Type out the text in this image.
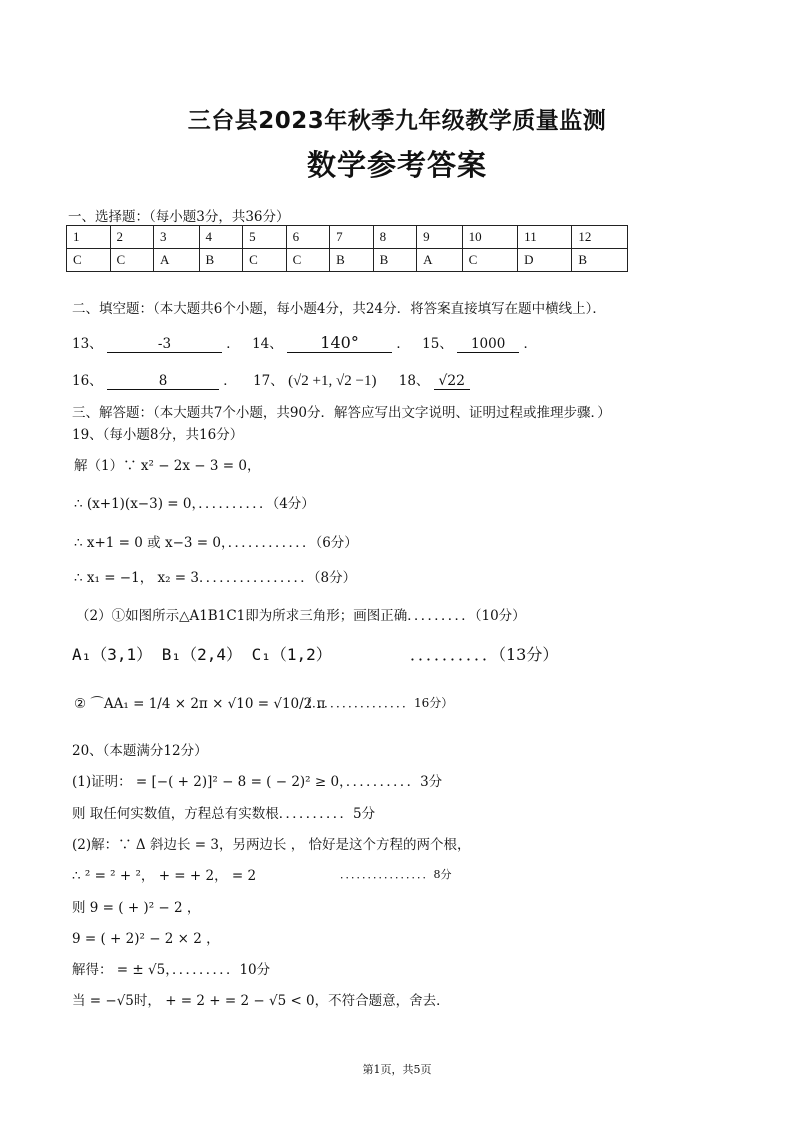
三台县2023年秋季九年级教学质量监测
数学参考答案
一、选择题：（每小题3分，共36分）
1	2	3	4	5	6	7	8	9	10	11	12
C	C	A	B	C	C	B	B	A	C	D	B
二、填空题：（本大题共6个小题，每小题4分，共24分．将答案直接填写在题中横线上）．
13、	-3	． 14、 140°	． 15、 1000 ．
16、	8	． 17、 (√2 +1, √2 −1) 18、 √22
三、解答题：（本大题共7个小题，共90分．解答应写出文字说明、证明过程或推理步骤．）
19、（每小题8分，共16分）
解（1）∵ x² − 2x − 3 = 0，
∴ (x+1)(x−3) = 0，．．．．．．．．．．（4分）
∴ x+1 = 0 或 x−3 = 0，．．．．．．．．．．．．（6分）
∴ x₁ = −1， x₂ = 3．．．．．．．．．．．．．．．．（8分）
（2）①如图所示△A1B1C1即为所求三角形；画图正确．．．．．．．．．（10分）
A₁（3,1） B₁（2,4） C₁（1,2）	．．．．．．．．．．（13分）
② ⌒AA₁ = 1/4 × 2π × √10 = √10/2 π
（．．．．．．．．．．．．．．．．16分）
20、（本题满分12分）
(1)证明： = [−( + 2)]² − 8 = ( − 2)² ≥ 0，．．．．．．．．．．3分
则 取任何实数值，方程总有实数根．．．．．．．．．．5分
(2)解：∵ Δ 斜边长 = 3，另两边长 ， 恰好是这个方程的两个根，
∴ ² = ² + ²， + = + 2， = 2	．．．．．．．．．．．．．．．．8分
则 9 = ( + )² − 2 ，
9 = ( + 2)² − 2 × 2 ，
解得： = ± √5，．．．．．．．．．10分
当 = −√5时， + = 2 + = 2 − √5 < 0，不符合题意，舍去．
第1页，共5页
